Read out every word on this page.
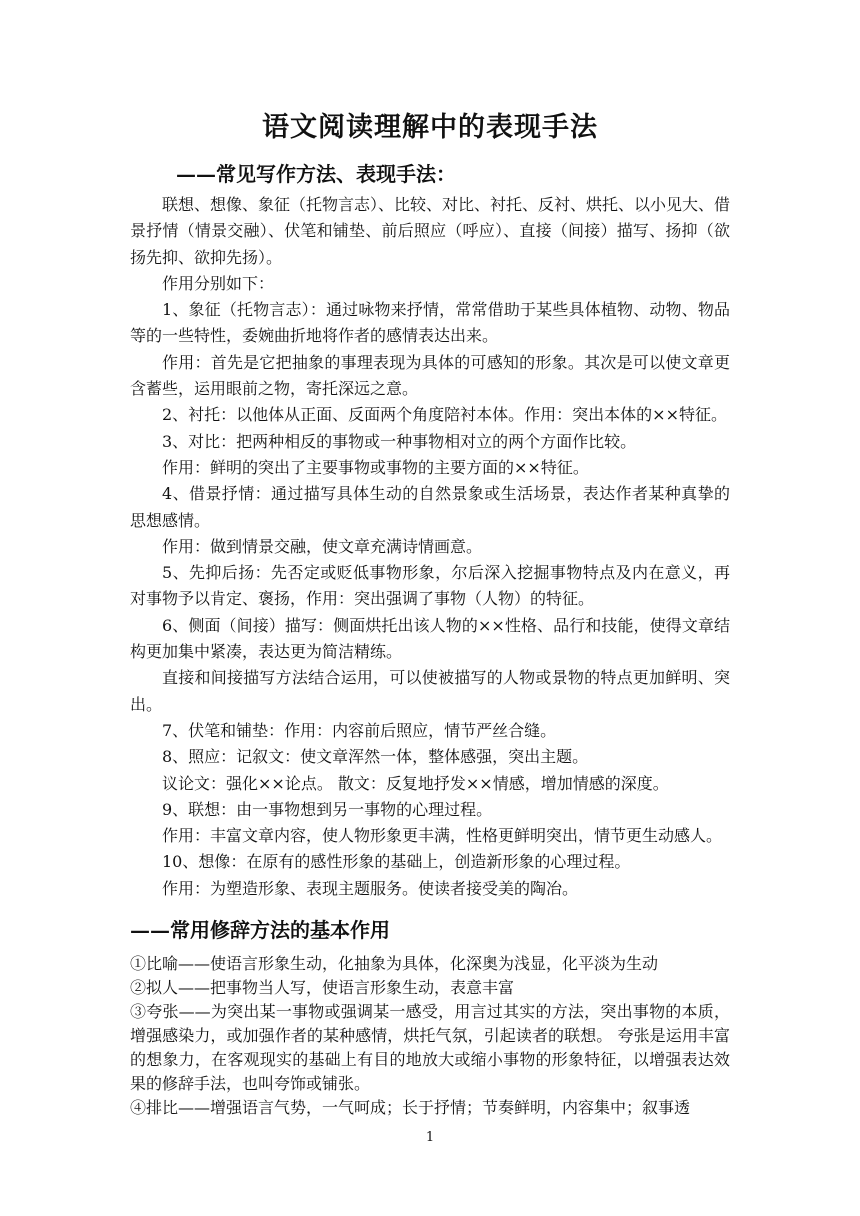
语文阅读理解中的表现手法
——常见写作方法、表现手法：

联想、想像、象征（托物言志）、比较、对比、衬托、反衬、烘托、以小见大、借景抒情（情景交融）、伏笔和铺垫、前后照应（呼应）、直接（间接）描写、扬抑（欲扬先抑、欲抑先扬）。

作用分别如下：

1、象征（托物言志）：通过咏物来抒情，常常借助于某些具体植物、动物、物品等的一些特性，委婉曲折地将作者的感情表达出来。

作用：首先是它把抽象的事理表现为具体的可感知的形象。其次是可以使文章更含蓄些，运用眼前之物，寄托深远之意。

2、衬托：以他体从正面、反面两个角度陪衬本体。作用：突出本体的××特征。

3、对比：把两种相反的事物或一种事物相对立的两个方面作比较。

作用：鲜明的突出了主要事物或事物的主要方面的××特征。

4、借景抒情：通过描写具体生动的自然景象或生活场景，表达作者某种真挚的思想感情。

作用：做到情景交融，使文章充满诗情画意。

5、先抑后扬：先否定或贬低事物形象，尔后深入挖掘事物特点及内在意义，再对事物予以肯定、褒扬，作用：突出强调了事物（人物）的特征。

6、侧面（间接）描写：侧面烘托出该人物的××性格、品行和技能，使得文章结构更加集中紧凑，表达更为简洁精练。

直接和间接描写方法结合运用，可以使被描写的人物或景物的特点更加鲜明、突出。

7、伏笔和铺垫：作用：内容前后照应，情节严丝合缝。

8、照应：记叙文：使文章浑然一体，整体感强，突出主题。

议论文：强化××论点。 散文：反复地抒发××情感，增加情感的深度。

9、联想：由一事物想到另一事物的心理过程。

作用：丰富文章内容，使人物形象更丰满，性格更鲜明突出，情节更生动感人。

10、想像：在原有的感性形象的基础上，创造新形象的心理过程。

作用：为塑造形象、表现主题服务。使读者接受美的陶冶。

——常用修辞方法的基本作用

①比喻——使语言形象生动，化抽象为具体，化深奥为浅显，化平淡为生动

②拟人——把事物当人写，使语言形象生动，表意丰富

③夸张——为突出某一事物或强调某一感受，用言过其实的方法，突出事物的本质，增强感染力，或加强作者的某种感情，烘托气氛，引起读者的联想。 夸张是运用丰富的想象力，在客观现实的基础上有目的地放大或缩小事物的形象特征，以增强表达效果的修辞手法，也叫夸饰或铺张。

④排比——增强语言气势，一气呵成；长于抒情；节奏鲜明，内容集中；叙事透

1
